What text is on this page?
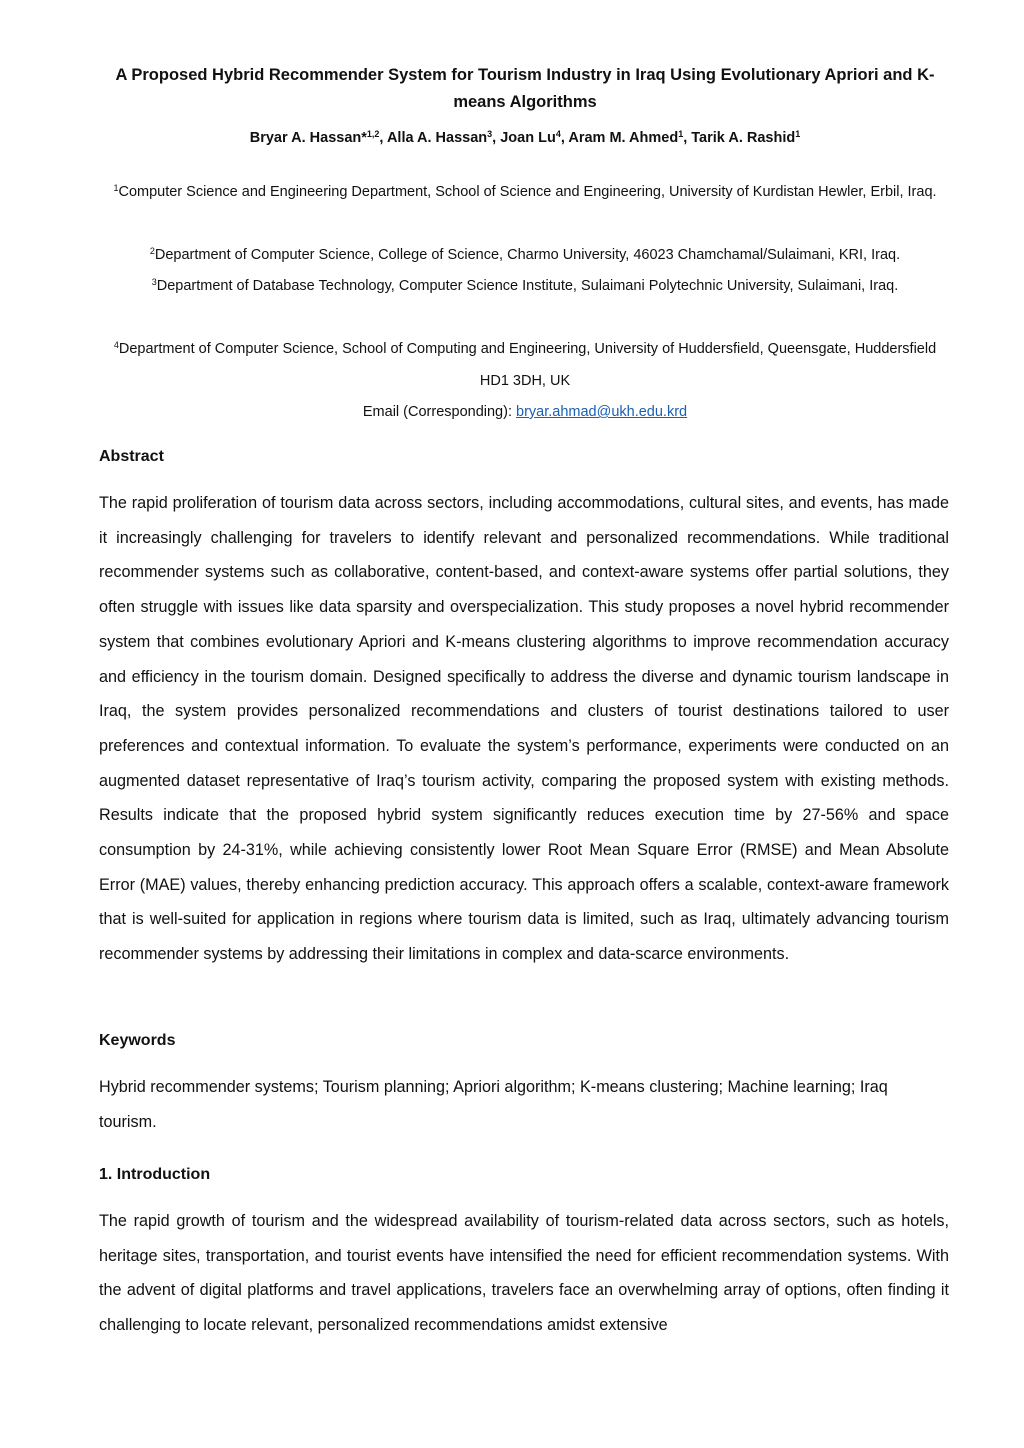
A Proposed Hybrid Recommender System for Tourism Industry in Iraq Using Evolutionary Apriori and K-means Algorithms

Bryar A. Hassan*$^{1,2}$, Alla A. Hassan$^3$, Joan Lu$^4$, Aram M. Ahmed$^1$, Tarik A. Rashid$^1$

$^1$Computer Science and Engineering Department, School of Science and Engineering, University of Kurdistan Hewler, Erbil, Iraq.

$^2$Department of Computer Science, College of Science, Charmo University, 46023 Chamchamal/Sulaimani, KRI, Iraq.

$^3$Department of Database Technology, Computer Science Institute, Sulaimani Polytechnic University, Sulaimani, Iraq.

$^4$Department of Computer Science, School of Computing and Engineering, University of Huddersfield, Queensgate, Huddersfield HD1 3DH, UK

Email (Corresponding): bryar.ahmad@ukh.edu.krd

Abstract

The rapid proliferation of tourism data across sectors, including accommodations, cultural sites, and events, has made it increasingly challenging for travelers to identify relevant and personalized recommendations. While traditional recommender systems such as collaborative, content-based, and context-aware systems offer partial solutions, they often struggle with issues like data sparsity and overspecialization. This study proposes a novel hybrid recommender system that combines evolutionary Apriori and K-means clustering algorithms to improve recommendation accuracy and efficiency in the tourism domain. Designed specifically to address the diverse and dynamic tourism landscape in Iraq, the system provides personalized recommendations and clusters of tourist destinations tailored to user preferences and contextual information. To evaluate the system’s performance, experiments were conducted on an augmented dataset representative of Iraq’s tourism activity, comparing the proposed system with existing methods. Results indicate that the proposed hybrid system significantly reduces execution time by 27-56% and space consumption by 24-31%, while achieving consistently lower Root Mean Square Error (RMSE) and Mean Absolute Error (MAE) values, thereby enhancing prediction accuracy. This approach offers a scalable, context-aware framework that is well-suited for application in regions where tourism data is limited, such as Iraq, ultimately advancing tourism recommender systems by addressing their limitations in complex and data-scarce environments.

Keywords

Hybrid recommender systems; Tourism planning; Apriori algorithm; K-means clustering; Machine learning; Iraq tourism.

1. Introduction

The rapid growth of tourism and the widespread availability of tourism-related data across sectors, such as hotels, heritage sites, transportation, and tourist events have intensified the need for efficient recommendation systems. With the advent of digital platforms and travel applications, travelers face an overwhelming array of options, often finding it challenging to locate relevant, personalized recommendations amidst extensive
